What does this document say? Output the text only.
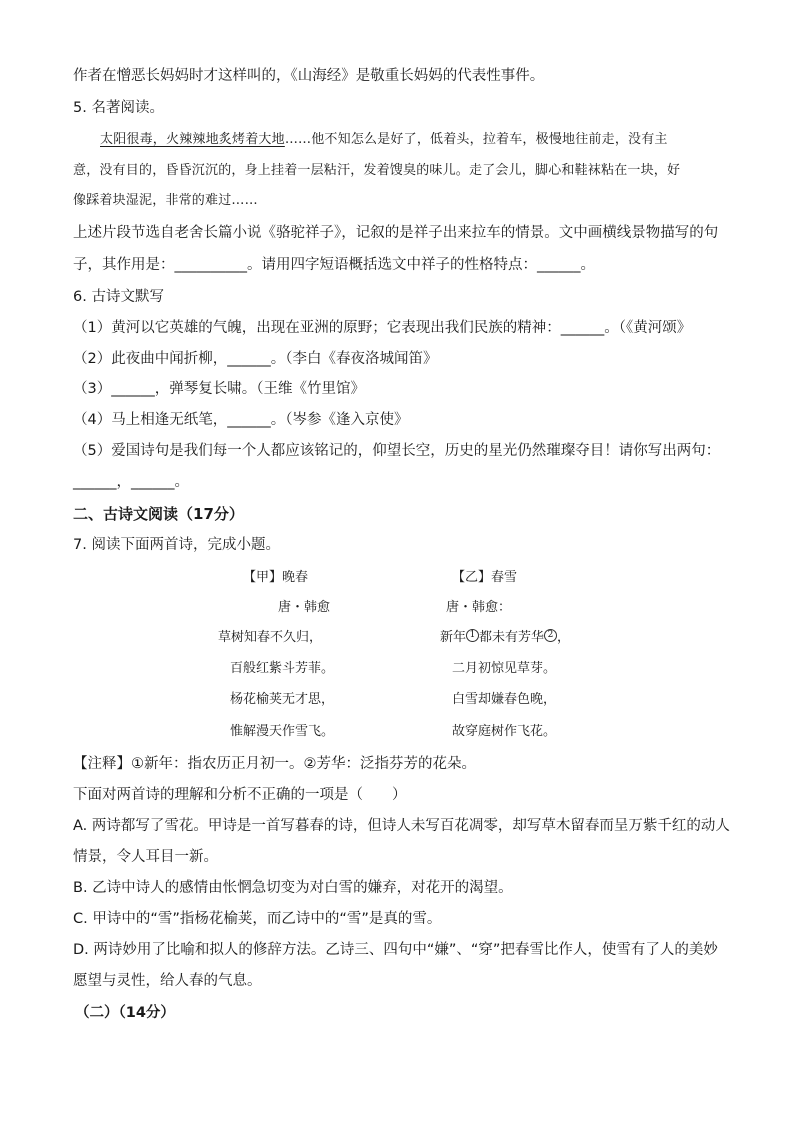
作者在憎恶长妈妈时才这样叫的，《山海经》是敬重长妈妈的代表性事件。
5. 名著阅读。
太阳很毒，火辣辣地炙烤着大地……他不知怎么是好了，低着头，拉着车，极慢地往前走，没有主
意，没有目的，昏昏沉沉的，身上挂着一层粘汗，发着馊臭的味儿。走了会儿，脚心和鞋袜粘在一块，好
像踩着块湿泥，非常的难过……
上述片段节选自老舍长篇小说《骆驼祥子》，记叙的是祥子出来拉车的情景。文中画横线景物描写的句
子，其作用是：__________。请用四字短语概括选文中祥子的性格特点：______。
6. 古诗文默写
（1）黄河以它英雄的气魄，出现在亚洲的原野；它表现出我们民族的精神：______。（《黄河颂》
（2）此夜曲中闻折柳，______。（李白《春夜洛城闻笛》
（3）______，弹琴复长啸。（王维《竹里馆》
（4）马上相逢无纸笔，______。（岑参《逢入京使》
（5）爱国诗句是我们每一个人都应该铭记的，仰望长空，历史的星光仍然璀璨夺目！请你写出两句：
______，______。
二、古诗文阅读（17分）
7. 阅读下面两首诗，完成小题。
【甲】晚春
唐・韩愈
草树知春不久归，
百般红紫斗芳菲。
杨花榆荚无才思，
惟解漫天作雪飞。
【乙】春雪
唐・韩愈：
新年 1 都未有芳华 2 ，
二月初惊见草芽。
白雪却嫌春色晚，
故穿庭树作飞花。
【注释】①新年：指农历正月初一。②芳华：泛指芬芳的花朵。
下面对两首诗的理解和分析不正确的一项是（　　）
A. 两诗都写了雪花。甲诗是一首写暮春的诗，但诗人未写百花凋零，却写草木留春而呈万紫千红的动人
情景，令人耳目一新。
B. 乙诗中诗人的感情由怅惘急切变为对白雪的嫌弃，对花开的渴望。
C. 甲诗中的“雪”指杨花榆荚，而乙诗中的“雪”是真的雪。
D. 两诗妙用了比喻和拟人的修辞方法。乙诗三、四句中“嫌”、“穿”把春雪比作人，使雪有了人的美妙
愿望与灵性，给人春的气息。
（二）（14分）
